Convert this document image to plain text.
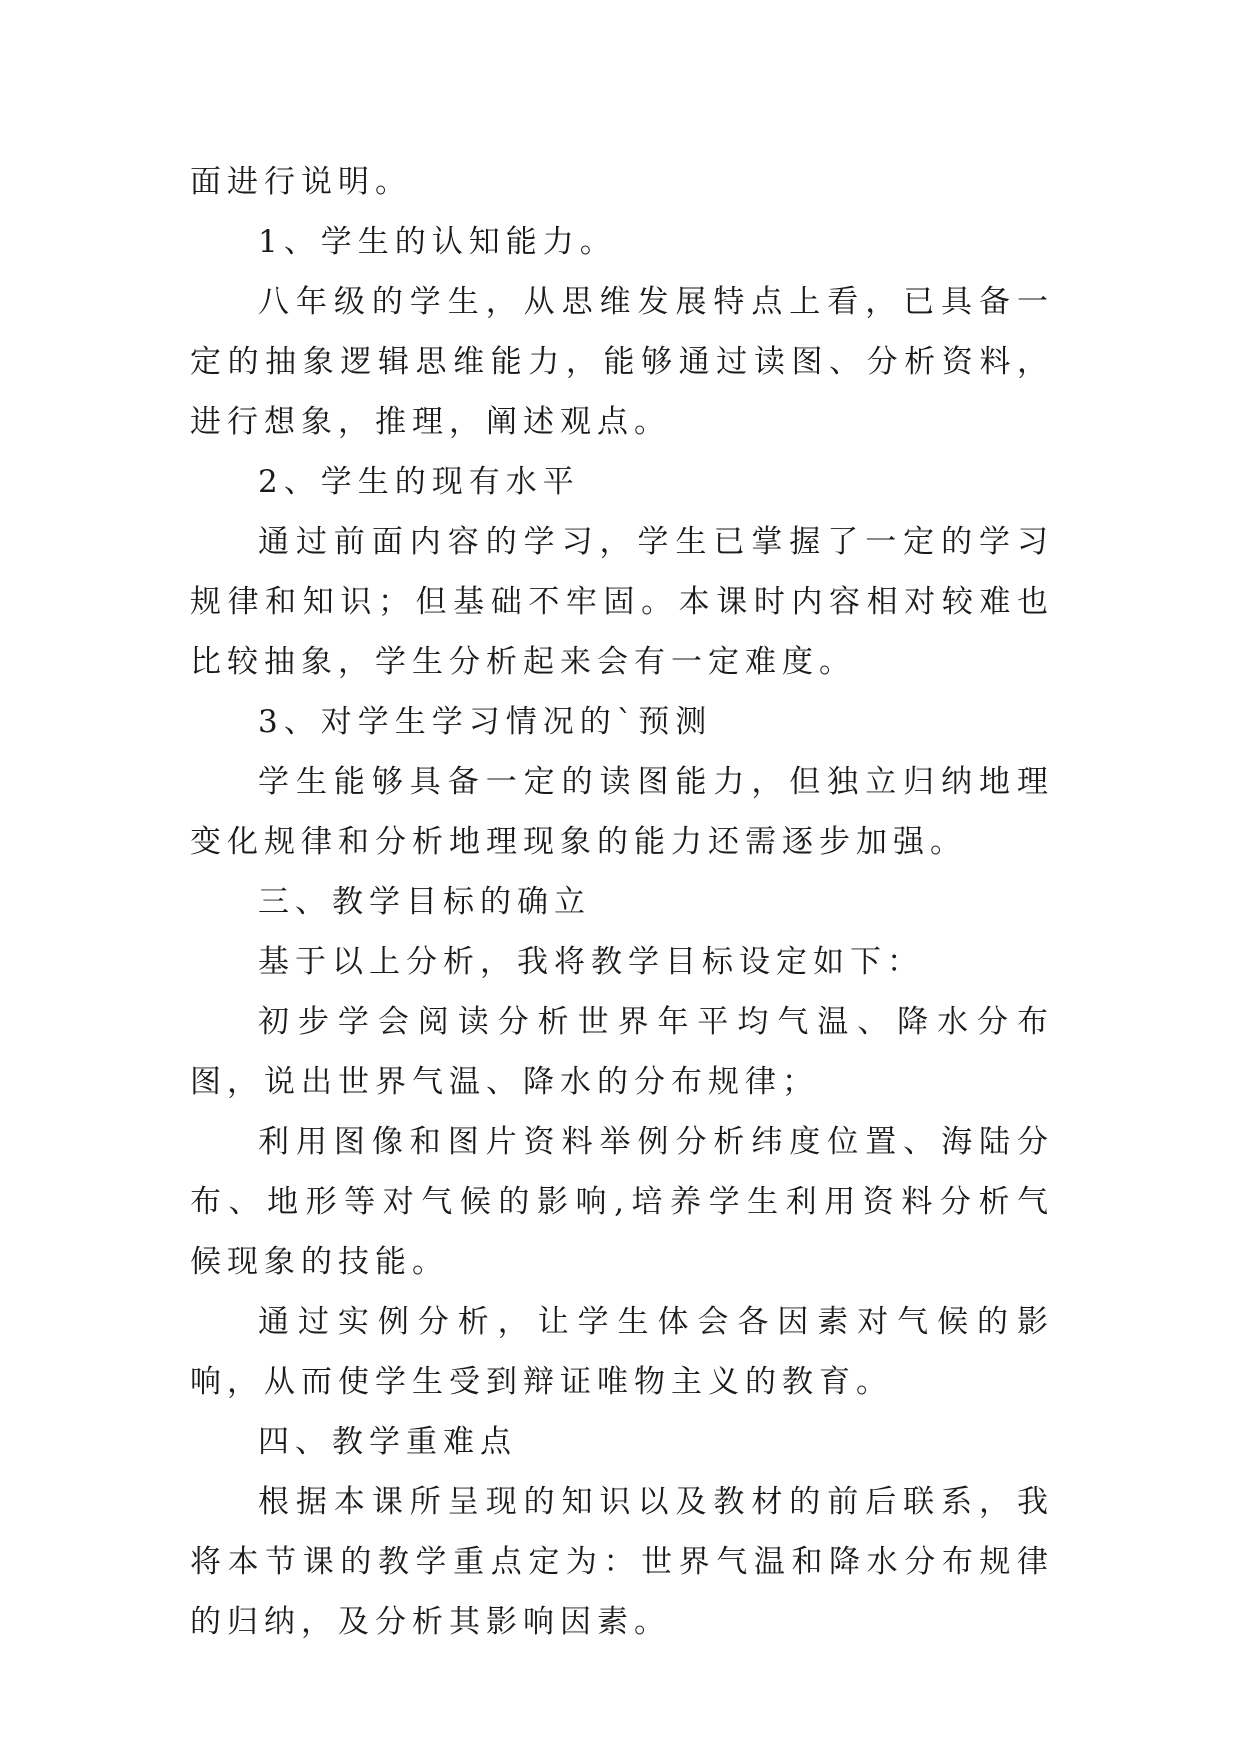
面进行说明。

1、学生的认知能力。

八年级的学生，从思维发展特点上看，已具备一定的抽象逻辑思维能力，能够通过读图、分析资料，进行想象，推理，阐述观点。

2、学生的现有水平

通过前面内容的学习，学生已掌握了一定的学习规律和知识；但基础不牢固。本课时内容相对较难也比较抽象，学生分析起来会有一定难度。

3、对学生学习情况的`预测

学生能够具备一定的读图能力，但独立归纳地理变化规律和分析地理现象的能力还需逐步加强。

三、教学目标的确立

基于以上分析，我将教学目标设定如下：

初步学会阅读分析世界年平均气温、降水分布图，说出世界气温、降水的分布规律；

利用图像和图片资料举例分析纬度位置、海陆分布、地形等对气候的影响,培养学生利用资料分析气候现象的技能。

通过实例分析，让学生体会各因素对气候的影响，从而使学生受到辩证唯物主义的教育。

四、教学重难点

根据本课所呈现的知识以及教材的前后联系，我将本节课的教学重点定为：世界气温和降水分布规律的归纳，及分析其影响因素。
